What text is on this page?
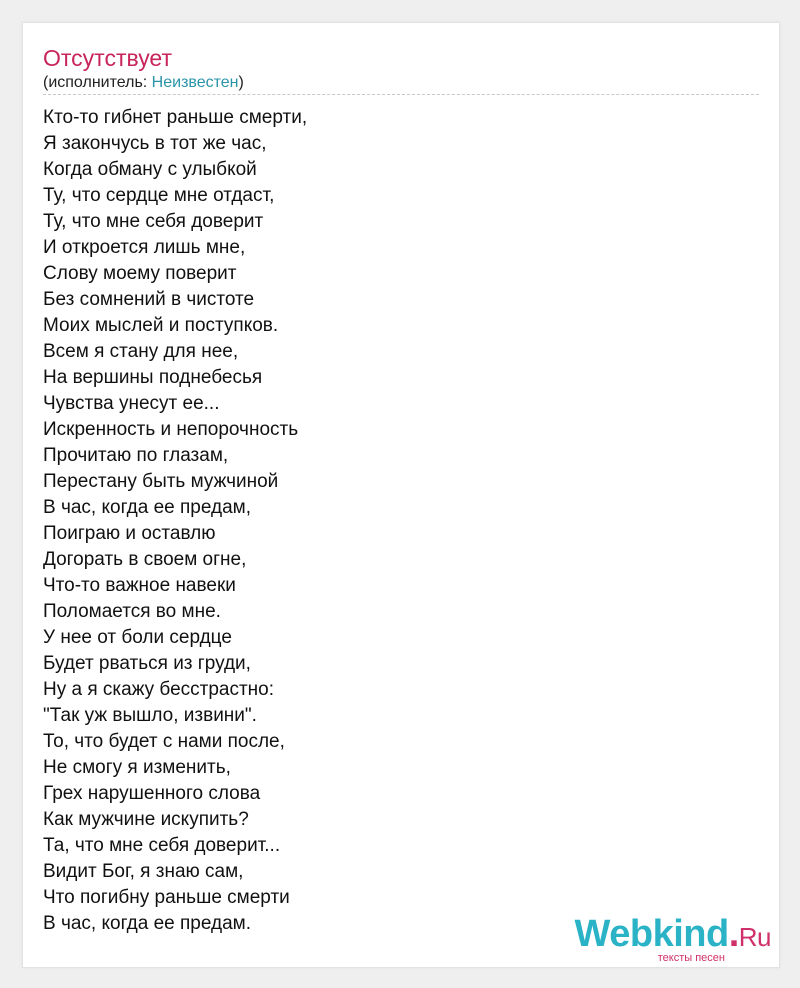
Отсутствует
(исполнитель: Неизвестен)
Кто-то гибнет раньше смерти,
Я закончусь в тот же час,
Когда обману с улыбкой
Ту, что сердце мне отдаст,
Ту, что мне себя доверит
И откроется лишь мне,
Слову моему поверит
Без сомнений в чистоте
Моих мыслей и поступков.
Всем я стану для нее,
На вершины поднебесья
Чувства унесут ее...
Искренность и непорочность
Прочитаю по глазам,
Перестану быть мужчиной
В час, когда ее предам,
Поиграю и оставлю
Догорать в своем огне,
Что-то важное навеки
Поломается во мне.
У нее от боли сердце
Будет рваться из груди,
Ну а я скажу бесстрастно:
"Так уж вышло, извини".
То, что будет с нами после,
Не смогу я изменить,
Грех нарушенного слова
Как мужчине искупить?
Та, что мне себя доверит...
Видит Бог, я знаю сам,
Что погибну раньше смерти
В час, когда ее предам.	Webkind.Ru
тексты песен
